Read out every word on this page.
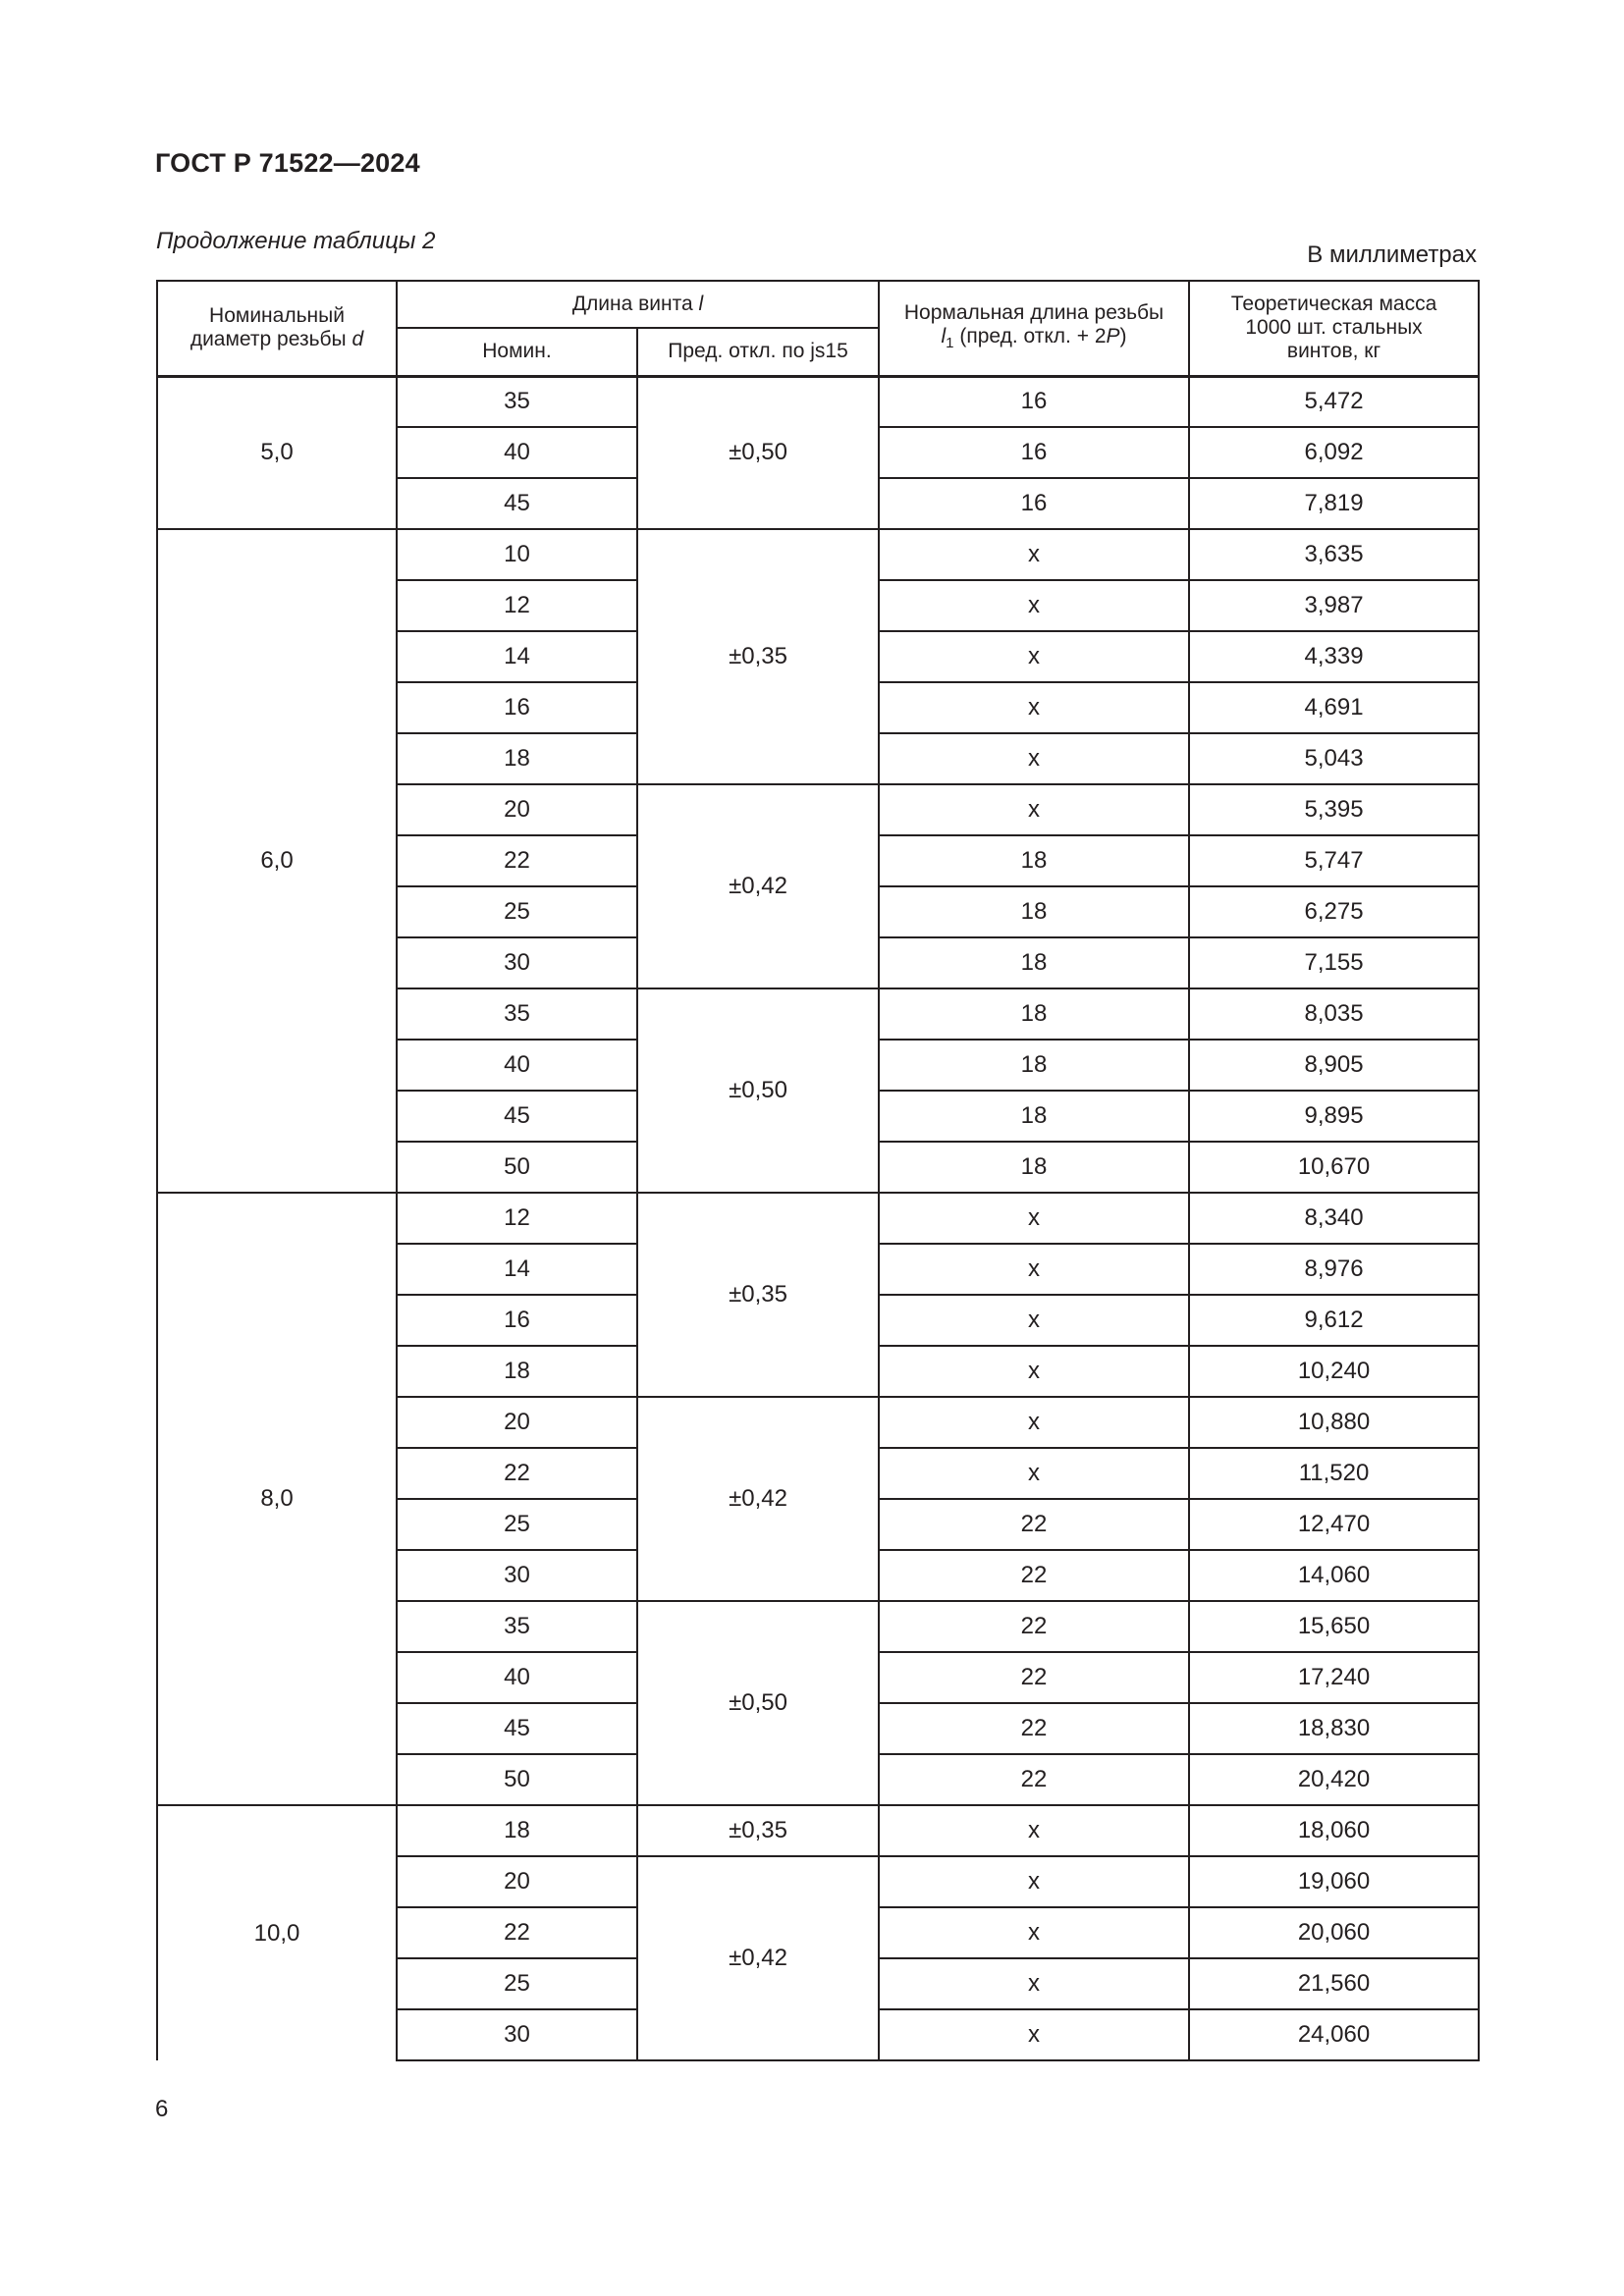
ГОСТ Р 71522—2024
Продолжение таблицы 2
В миллиметрах
Номинальный
диаметр резьбы d	Длина винта l		Нормальная длина резьбы
$l_1$ (пред. откл. + 2P)	Теоретическая масса
1000 шт. стальных
винтов, кг
	Номин.	Пред. откл. по js15		
5,0	35	±0,50	16	5,472
	40		16	6,092
	45		16	7,819
6,0	10	±0,35	x	3,635
	12		x	3,987
	14		x	4,339
	16		x	4,691
	18		x	5,043
	20	±0,42	x	5,395
	22		18	5,747
	25		18	6,275
	30		18	7,155
	35	±0,50	18	8,035
	40		18	8,905
	45		18	9,895
	50		18	10,670
8,0	12	±0,35	x	8,340
	14		x	8,976
	16		x	9,612
	18		x	10,240
	20	±0,42	x	10,880
	22		x	11,520
	25		22	12,470
	30		22	14,060
	35	±0,50	22	15,650
	40		22	17,240
	45		22	18,830
	50		22	20,420
10,0	18	±0,35	x	18,060
	20	±0,42	x	19,060
	22		x	20,060
	25		x	21,560
	30		x	24,060
6
